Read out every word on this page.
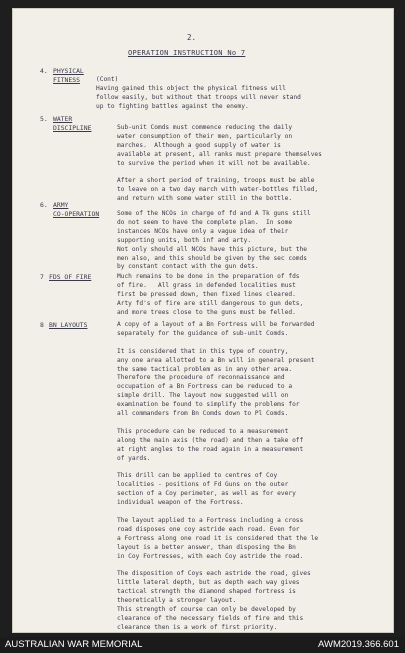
2.
OPERATION INSTRUCTION No 7
4. PHYSICAL
FITNESS	(Cont)
Having gained this object the physical fitness will
follow easily, but without that troops will never stand
up to fighting battles against the enemy.
5. WATER
DISCIPLINE	Sub-unit Comds must commence reducing the daily
water consumption of their men, particularly on
marches.  Although a good supply of water is
available at present, all ranks must prepare themselves
to survive the period when it will not be available.

After a short period of training, troops must be able
to leave on a two day march with water-bottles filled,
and return with some water still in the bottle.
6. ARMY
CO-OPERATION	Some of the NCOs in charge of fd and A Tk guns still
do not seem to have the complete plan.  In some
instances NCOs have only a vague idea of their
supporting units, both inf and arty.
Not only should all NCOs have this picture, but the
men also, and this should be given by the sec comds
by constant contact with the gun dets.
7 FDS OF FIRE	Much remains to be done in the preparation of fds
of fire.   All grass in defended localities must
first be pressed down, then fixed lines cleared.
Arty fd's of fire are still dangerous to gun dets,
and more trees close to the guns must be felled.
8 BN LAYOUTS	A copy of a layout of a Bn Fortress will be forwarded
separately for the guidance of sub-unit Comds.

It is considered that in this type of country,
any one area allotted to a Bn will in general present
the same tactical problem as in any other area.
Therefore the procedure of reconnaissance and
occupation of a Bn Fortress can be reduced to a
simple drill. The layout now suggested will on
examination be found to simplify the problems for
all commanders from Bn Comds down to Pl Comds.

This procedure can be reduced to a measurement
along the main axis (the road) and then a take off
at right angles to the road again in a measurement
of yards.

This drill can be applied to centres of Coy
localities - positions of Fd Guns on the outer
section of a Coy perimeter, as well as for every
individual weapon of the Fortress.

The layout applied to a Fortress including a cross
road disposes one coy astride each road. Even for
a Fortress along one road it is considered that the le
layout is a better answer, than disposing the Bn
in Coy Fortresses, with each Coy astride the road.

The disposition of Coys each astride the road, gives
little lateral depth, but as depth each way gives
tactical strength the diamond shaped fortress is
theoretically a stronger layout.
This strength of course can only be developed by
clearance of the necessary fields of fire and this
clearance then is a work of first priority.
AUSTRALIAN WAR MEMORIAL	AWM2019.366.601
